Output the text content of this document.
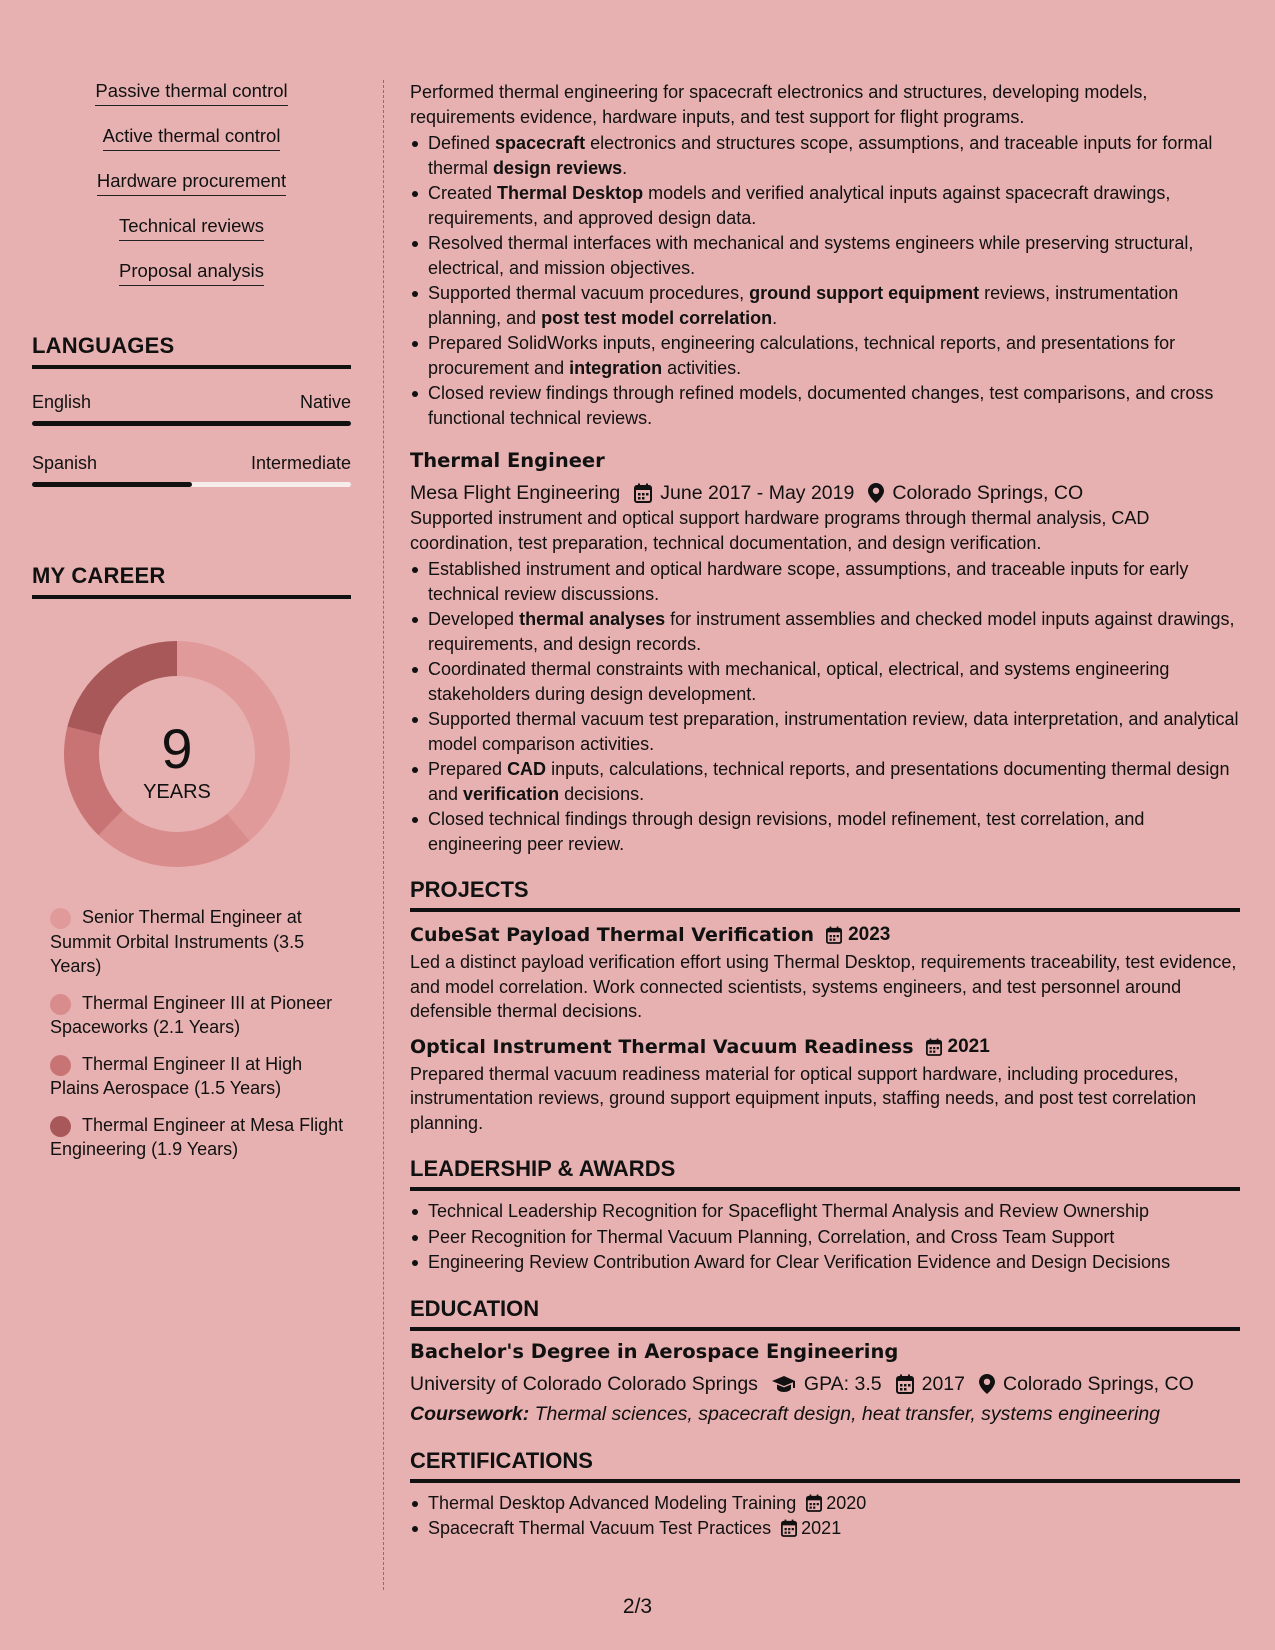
Passive thermal control
Active thermal control
Hardware procurement
Technical reviews
Proposal analysis
LANGUAGES
English	Native
Spanish	Intermediate
MY CAREER
9
YEARS
Senior Thermal Engineer at Summit Orbital Instruments (3.5 Years)
Thermal Engineer III at Pioneer Spaceworks (2.1 Years)
Thermal Engineer II at High Plains Aerospace (1.5 Years)
Thermal Engineer at Mesa Flight Engineering (1.9 Years)

Performed thermal engineering for spacecraft electronics and structures, developing models, requirements evidence, hardware inputs, and test support for flight programs.

Defined spacecraft electronics and structures scope, assumptions, and traceable inputs for formal thermal design reviews.
Created Thermal Desktop models and verified analytical inputs against spacecraft drawings, requirements, and approved design data.
Resolved thermal interfaces with mechanical and systems engineers while preserving structural, electrical, and mission objectives.
Supported thermal vacuum procedures, ground support equipment reviews, instrumentation planning, and post test model correlation.
Prepared SolidWorks inputs, engineering calculations, technical reports, and presentations for procurement and integration activities.
Closed review findings through refined models, documented changes, test comparisons, and cross functional technical reviews.
Thermal Engineer
Mesa Flight Engineering June 2017 - May 2019 Colorado Springs, CO

Supported instrument and optical support hardware programs through thermal analysis, CAD coordination, test preparation, technical documentation, and design verification.

Established instrument and optical hardware scope, assumptions, and traceable inputs for early technical review discussions.
Developed thermal analyses for instrument assemblies and checked model inputs against drawings, requirements, and design records.
Coordinated thermal constraints with mechanical, optical, electrical, and systems engineering stakeholders during design development.
Supported thermal vacuum test preparation, instrumentation review, data interpretation, and analytical model comparison activities.
Prepared CAD inputs, calculations, technical reports, and presentations documenting thermal design and verification decisions.
Closed technical findings through design revisions, model refinement, test correlation, and engineering peer review.
PROJECTS
CubeSat Payload Thermal Verification 2023

Led a distinct payload verification effort using Thermal Desktop, requirements traceability, test evidence, and model correlation. Work connected scientists, systems engineers, and test personnel around defensible thermal decisions.

Optical Instrument Thermal Vacuum Readiness 2021

Prepared thermal vacuum readiness material for optical support hardware, including procedures, instrumentation reviews, ground support equipment inputs, staffing needs, and post test correlation planning.

LEADERSHIP & AWARDS
Technical Leadership Recognition for Spaceflight Thermal Analysis and Review Ownership
Peer Recognition for Thermal Vacuum Planning, Correlation, and Cross Team Support
Engineering Review Contribution Award for Clear Verification Evidence and Design Decisions
EDUCATION
Bachelor's Degree in Aerospace Engineering
University of Colorado Colorado Springs GPA: 3.5 2017 Colorado Springs, CO

Coursework: Thermal sciences, spacecraft design, heat transfer, systems engineering

CERTIFICATIONS
Thermal Desktop Advanced Modeling Training 2020
Spacecraft Thermal Vacuum Test Practices 2021
2/3
